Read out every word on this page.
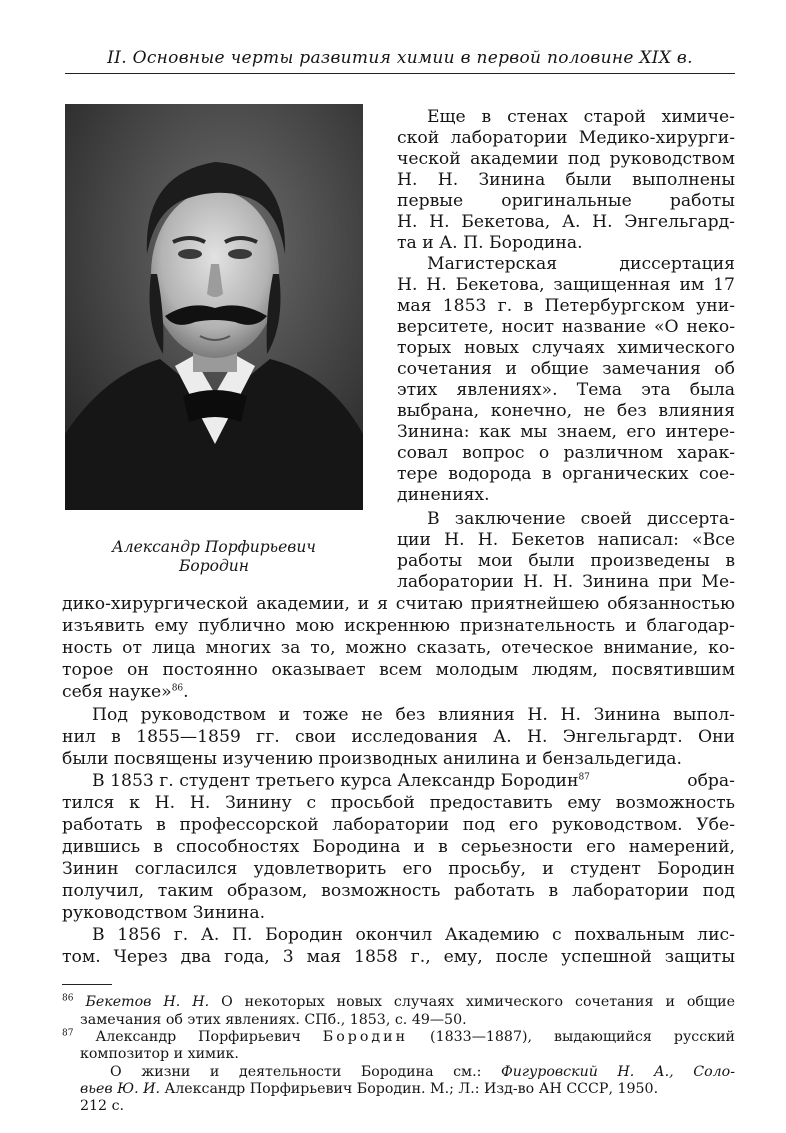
II. Основные черты развития химии в первой половине XIX в.
Александр Порфирьевич
Бородин
Еще в стенах старой химиче-
ской лаборатории Медико-хирурги-
ческой академии под руководством
Н. Н. Зинина были выполнены
первые оригинальные работы
Н. Н. Бекетова, А. Н. Энгельгард-
та и А. П. Бородина.
Магистерская диссертация
Н. Н. Бекетова, защищенная им 17
мая 1853 г. в Петербургском уни-
верситете, носит название «О неко-
торых новых случаях химического
сочетания и общие замечания об
этих явлениях». Тема эта была
выбрана, конечно, не без влияния
Зинина: как мы знаем, его интере-
совал вопрос о различном харак-
тере водорода в органических сое-
динениях.
В заключение своей диссерта-
ции Н. Н. Бекетов написал: «Все
работы мои были произведены в
лаборатории Н. Н. Зинина при Ме-
дико-хирургической академии, и я считаю приятнейшею обязанностью
изъявить ему публично мою искреннюю признательность и благодар-
ность от лица многих за то, можно сказать, отеческое внимание, ко-
торое он постоянно оказывает всем молодым людям, посвятившим
себя науке»$^{86}$.
Под руководством и тоже не без влияния Н. Н. Зинина выпол-
нил в 1855—1859 гг. свои исследования А. Н. Энгельгардт. Они
были посвящены изучению производных анилина и бензальдегида.
В 1853 г. студент третьего курса Александр Бородин$^{87}$	обра-
тился к Н. Н. Зинину с просьбой предоставить ему возможность
работать в профессорской лаборатории под его руководством. Убе-
дившись в способностях Бородина и в серьезности его намерений,
Зинин согласился удовлетворить его просьбу, и студент Бородин
получил, таким образом, возможность работать в лаборатории под
руководством Зинина.
В 1856 г. А. П. Бородин окончил Академию с похвальным лис-
том. Через два года, 3 мая 1858 г., ему, после успешной защиты
$^{86}$ Бекетов Н. Н. О некоторых новых случаях химического сочетания и общие
замечания об этих явлениях. СПб., 1853, с. 49—50.
$^{87}$ Александр Порфирьевич Бородин (1833—1887), выдающийся русский
композитор и химик.
О жизни и деятельности Бородина см.: Фигуровский Н. А., Соло-
вьев Ю. И. Александр Порфирьевич Бородин. М.; Л.: Изд-во АН СССР, 1950.
212 с.
